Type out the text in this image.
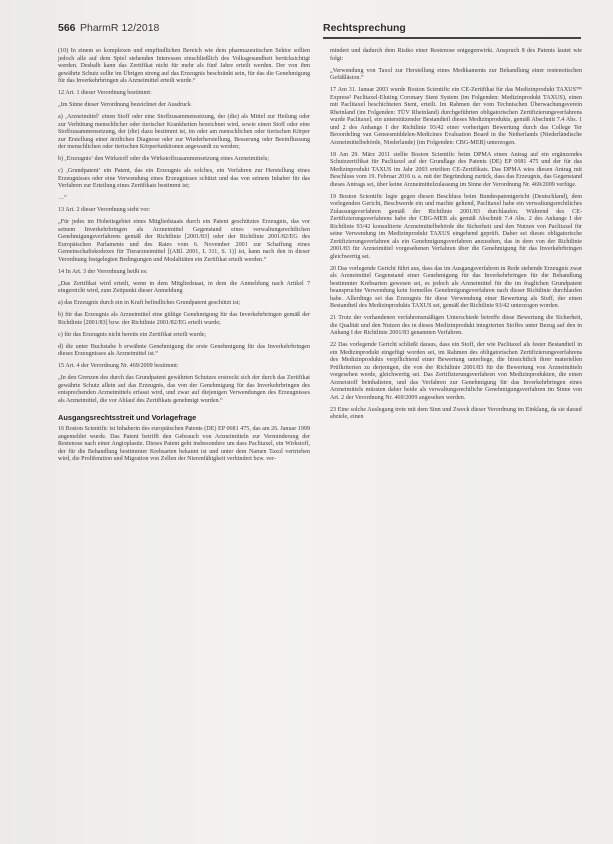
566 PharmR 12/2018	Rechtsprechung

(10) In einem so komplexen und empfindlichen Bereich wie dem pharmazeutischen Sektor sollten jedoch alle auf dem Spiel stehenden Interessen einschließlich des Volksgesundheit berücksichtigt werden. Deshalb kann das Zertifikat nicht für mehr als fünf Jahre erteilt werden. Der von ihm gewährte Schutz sollte im Übrigen streng auf das Erzeugnis beschränkt sein, für das die Genehmigung für das Inverkehrbringen als Arzneimittel erteilt wurde.“

12 Art. 1 dieser Verordnung bestimmt:

„Im Sinne dieser Verordnung bezeichnet der Ausdruck

a) ‚Arzneimittel‘ einen Stoff oder eine Stoffzusammensetzung, der (die) als Mittel zur Heilung oder zur Verhütung menschlicher oder tierischer Krankheiten bezeichnet wird, sowie einen Stoff oder eine Stoffzusammensetzung, der (die) dazu bestimmt ist, im oder am menschlichen oder tierischen Körper zur Erstellung einer ärztlichen Diagnose oder zur Wiederherstellung, Besserung oder Beeinflussung der menschlichen oder tierischen Körperfunktionen angewandt zu werden;

b) ‚Erzeugnis‘ den Wirkstoff oder die Wirkstoffzusammensetzung eines Arzneimittels;

c) ‚Grundpatent‘ ein Patent, das ein Erzeugnis als solches, ein Verfahren zur Herstellung eines Erzeugnisses oder eine Verwendung eines Erzeugnisses schützt und das von seinem Inhaber für das Verfahren zur Erteilung eines Zertifikats bestimmt ist;

…“

13 Art. 2 dieser Verordnung sieht vor:

„Für jedes im Hoheitsgebiet eines Mitgliedstaats durch ein Patent geschütztes Erzeugnis, das vor seinem Inverkehrbringen als Arzneimittel Gegenstand eines verwaltungsrechtlichen Genehmigungsverfahrens gemäß der Richtlinie [2001/83] oder der Richtlinie 2001/82/EG des Europäischen Parlaments und des Rates vom 6. November 2001 zur Schaffung eines Gemeinschaftskodexes für Tierarzneimittel [(ABl. 2001, L 311, S. 1)] ist, kann nach den in dieser Verordnung festgelegten Bedingungen und Modalitäten ein Zertifikat erteilt werden.“

14 In Art. 3 der Verordnung heißt es:

„Das Zertifikat wird erteilt, wenn in dem Mitgliedstaat, in dem die Anmeldung nach Artikel 7 eingereicht wird, zum Zeitpunkt dieser Anmeldung

a) das Erzeugnis durch ein in Kraft befindliches Grundpatent geschützt ist;

b) für das Erzeugnis als Arzneimittel eine gültige Genehmigung für das Inverkehrbringen gemäß der Richtlinie [2001/83] bzw. der Richtlinie 2001/82/EG erteilt wurde;

c) für das Erzeugnis nicht bereits ein Zertifikat erteilt wurde;

d) die unter Buchstabe b erwähnte Genehmigung die erste Genehmigung für das Inverkehrbringen dieses Erzeugnisses als Arzneimittel ist.“

15 Art. 4 der Verordnung Nr. 469/2009 bestimmt:

„In den Grenzen des durch das Grundpatent gewährten Schutzes erstreckt sich der durch das Zertifikat gewährte Schutz allein auf das Erzeugnis, das von der Genehmigung für das Inverkehrbringen des entsprechenden Arzneimittels erfasst wird, und zwar auf diejenigen Verwendungen des Erzeugnisses als Arzneimittel, die vor Ablauf des Zertifikats genehmigt wurden.“

Ausgangsrechtsstreit und Vorlagefrage

16 Boston Scientific ist Inhaberin des europäischen Patents (DE) EP 0681 475, das am 26. Januar 1999 angemeldet wurde. Das Patent betrifft den Gebrauch von Arzneimitteln zur Verminderung der Restenose nach einer Angioplastie. Dieses Patent geht insbesondere um dass Paclitaxel, ein Wirkstoff, der für die Behandlung bestimmter Krebsarten bekannt ist und unter dem Namen Taxol vertrieben wird, die Proliferation und Migration von Zellen der Nierenfähigkeit verhindert bzw. ver-

mindert und dadurch dem Risiko einer Restenose entgegenwirkt. Anspruch 8 des Patents lautet wie folgt:

„Verwendung von Taxol zur Herstellung eines Medikaments zur Behandlung einer restenotischen Gefäßläsion.“

17 Am 31. Januar 2003 wurde Boston Scientific ein CE-Zertifikat für das Medizinprodukt TAXUS™ Express² Paclitaxel-Eluting Coronary Stent System (im Folgenden: Medizinprodukt TAXUS), einen mit Paclitaxel beschichteten Stent, erteilt. Im Rahmen der vom Technischen Überwachungsverein Rheinland (im Folgenden: TÜV Rheinland) durchgeführten obligatorischen Zertifizierungsverfahrens wurde Paclitaxel, ein unterstützender Bestandteil dieses Medizinprodukts, gemäß Abschnitt 7.4 Abs. 1 und 2 des Anhangs I der Richtlinie 93/42 einer vorherigen Bewertung durch das College Ter Beoordeling van Geneesmiddelen-Medicines Evaluation Board in the Netherlands (Niederländische Arzneimittelbehörde, Niederlande) (im Folgenden: CBG-MEB) unterzogen.

18 Am 29. März 2011 stellte Boston Scientific beim DPMA einen Antrag auf ein ergänzendes Schutzzertifikat für Paclitaxel auf der Grundlage des Patents (DE) EP 0681 475 und der für das Medizinprodukt TAXUS im Jahr 2003 erteilten CE-Zertifikats. Das DPMA wies diesen Antrag mit Beschluss vom 19. Februar 2016 u. a. mit der Begründung zurück, dass das Erzeugnis, das Gegenstand dieses Antrags sei, über keine Arzneimittelzulassung im Sinne der Verordnung Nr. 469/2009 verfüge.

19 Boston Scientific legte gegen diesen Beschluss beim Bundespatentgericht (Deutschland), dem vorlegenden Gericht, Beschwerde ein und machte geltend, Paclitaxel habe ein verwaltungsrechtliches Zulassungsverfahren gemäß der Richtlinie 2001/83 durchlaufen. Während des CE-Zertifizierungsverfahrens habe der CBG-MEB als gemäß Abschnitt 7.4 Abs. 2 des Anhangs I der Richtlinie 93/42 konsultierte Arzneimittelbehörde die Sicherheit und den Nutzen von Paclitaxel für seine Verwendung im Medizinprodukt TAXUS eingehend geprüft. Daher sei dieses obligatorische Zertifizierungsverfahren als ein Genehmigungsverfahren anzusehen, das in dem von der Richtlinie 2001/83 für Arzneimittel vorgesehenen Verfahren über die Genehmigung für das Inverkehrbringen gleichwertig sei.

20 Das vorlegende Gericht führt aus, dass das im Ausgangsverfahren in Rede stehende Erzeugnis zwar als Arzneimittel Gegenstand einer Genehmigung für das Inverkehrbringen für die Behandlung bestimmter Krebsarten gewesen sei, es jedoch als Arzneimittel für die im fraglichen Grundpatent beanspruchte Verwendung kein formelles Genehmigungsverfahren nach dieser Richtlinie durchlaufen habe. Allerdings sei das Erzeugnis für diese Verwendung einer Bewertung als Stoff, der einen Bestandteil des Medizinprodukts TAXUS sei, gemäß der Richtlinie 93/42 unterzogen worden.

21 Trotz der vorhandenen verfahrensmäßigen Unterschiede betreffe diese Bewertung die Sicherheit, die Qualität und den Nutzen des in dieses Medizinprodukt integrierten Stoffes unter Bezug auf den in Anhang I der Richtlinie 2001/83 genannten Verfahren.

22 Das vorlegende Gericht schließt daraus, dass ein Stoff, der wie Paclitaxel als fester Bestandteil in ein Medizinprodukt eingefügt worden sei, im Rahmen des obligatorischen Zertifizierungsverfahrens des Medizinprodukts verpflichtend einer Bewertung unterliege, die hinsichtlich ihrer materiellen Prüfkriterien zu derjenigen, die von der Richtlinie 2001/83 für die Bewertung von Arzneimitteln vorgesehen werde, gleichwertig sei. Das Zertifizierungsverfahren von Medizinprodukten, die einen Arzneistoff beinhalteten, und das Verfahren zur Genehmigung für das Inverkehrbringen eines Arzneimittels müssten daher beide als verwaltungsrechtliche Genehmigungsverfahren im Sinne von Art. 2 der Verordnung Nr. 469/2009 angesehen werden.

23 Eine solche Auslegung trete mit dem Sinn und Zweck dieser Verordnung im Einklang, da sie darauf abziele, einen
